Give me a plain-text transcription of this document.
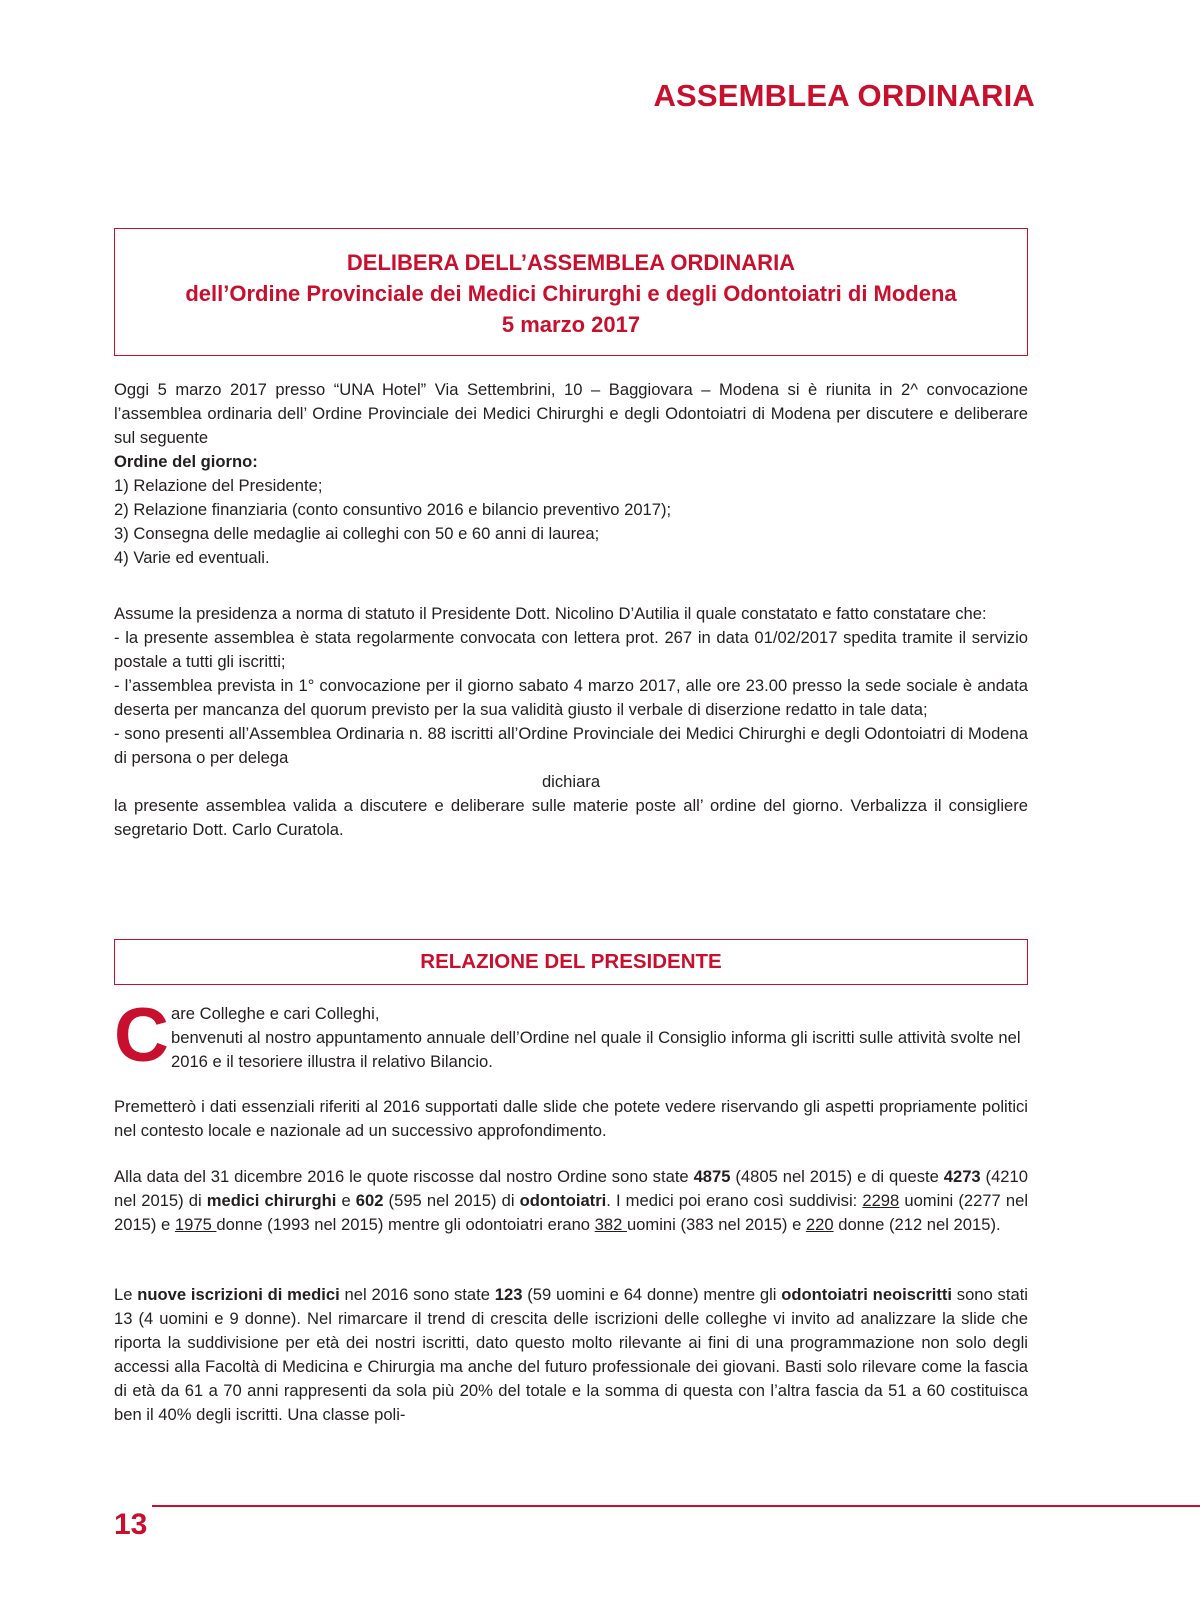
ASSEMBLEA ORDINARIA
DELIBERA DELL’ASSEMBLEA ORDINARIA
dell’Ordine Provinciale dei Medici Chirurghi e degli Odontoiatri di Modena
5 marzo 2017

Oggi 5 marzo 2017 presso “UNA Hotel” Via Settembrini, 10 – Baggiovara – Modena si è riunita in 2^ convocazione l’assemblea ordinaria dell’ Ordine Provinciale dei Medici Chirurghi e degli Odontoiatri di Modena per discutere e deliberare sul seguente

Ordine del giorno:

1) Relazione del Presidente;

2) Relazione finanziaria (conto consuntivo 2016 e bilancio preventivo 2017);

3) Consegna delle medaglie ai colleghi con 50 e 60 anni di laurea;

4) Varie ed eventuali.

Assume la presidenza a norma di statuto il Presidente Dott. Nicolino D’Autilia il quale constatato e fatto constatare che:

- la presente assemblea è stata regolarmente convocata con lettera prot. 267 in data 01/02/2017 spedita tramite il servizio postale a tutti gli iscritti;

- l’assemblea prevista in 1° convocazione per il giorno sabato 4 marzo 2017, alle ore 23.00 presso la sede sociale è andata deserta per mancanza del quorum previsto per la sua validità giusto il verbale di diserzione redatto in tale data;

- sono presenti all’Assemblea Ordinaria n. 88 iscritti all’Ordine Provinciale dei Medici Chirurghi e degli Odontoiatri di Modena di persona o per delega

dichiara

la presente assemblea valida a discutere e deliberare sulle materie poste all’ ordine del giorno. Verbalizza il consigliere segretario Dott. Carlo Curatola.

RELAZIONE DEL PRESIDENTE
C are Colleghe e cari Colleghi,

benvenuti al nostro appuntamento annuale dell’Ordine nel quale il Consiglio informa gli iscritti sulle attività svolte nel 2016 e il tesoriere illustra il relativo Bilancio.

Premetterò i dati essenziali riferiti al 2016 supportati dalle slide che potete vedere riservando gli aspetti propriamente politici nel contesto locale e nazionale ad un successivo approfondimento.

Alla data del 31 dicembre 2016 le quote riscosse dal nostro Ordine sono state 4875 (4805 nel 2015) e di queste 4273 (4210 nel 2015) di medici chirurghi e 602 (595 nel 2015) di odontoiatri. I medici poi erano così suddivisi: 2298 uomini (2277 nel 2015) e 1975 donne (1993 nel 2015) mentre gli odontoiatri erano 382 uomini (383 nel 2015) e 220 donne (212 nel 2015).

Le nuove iscrizioni di medici nel 2016 sono state 123 (59 uomini e 64 donne) mentre gli odontoiatri neoiscritti sono stati 13 (4 uomini e 9 donne). Nel rimarcare il trend di crescita delle iscrizioni delle colleghe vi invito ad analizzare la slide che riporta la suddivisione per età dei nostri iscritti, dato questo molto rilevante ai fini di una programmazione non solo degli accessi alla Facoltà di Medicina e Chirurgia ma anche del futuro professionale dei giovani. Basti solo rilevare come la fascia di età da 61 a 70 anni rappresenti da sola più 20% del totale e la somma di questa con l’altra fascia da 51 a 60 costituisca ben il 40% degli iscritti. Una classe poli-

13
